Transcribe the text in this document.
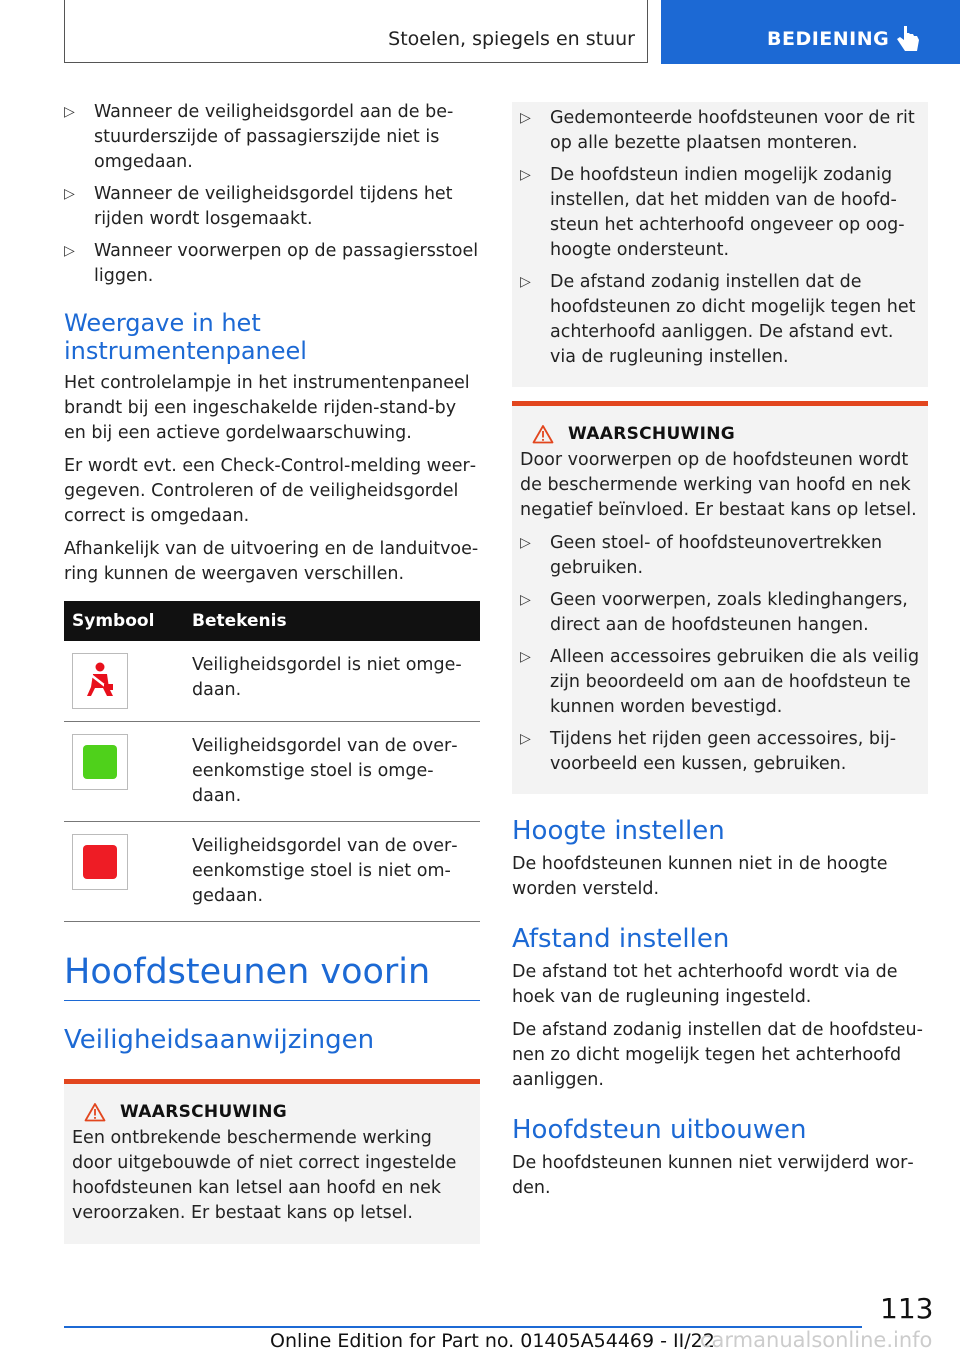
Stoelen, spiegels en stuur	BEDIENING
▷ Wanneer de veiligheidsgordel aan de bestuurderszijde of passagierszijde niet is omgedaan.
▷ Wanneer de veiligheidsgordel tijdens het rijden wordt losgemaakt.
▷ Wanneer voorwerpen op de passagiersstoel liggen.
Weergave in het instrumentenpaneel

Het controlelampje in het instrumentenpaneel brandt bij een ingeschakelde rijden-stand-by en bij een actieve gordelwaarschuwing.

Er wordt evt. een Check-Control-melding weergegeven. Controleren of de veiligheidsgordel correct is omgedaan.

Afhankelijk van de uitvoering en de landuitvoering kunnen de weergaven verschillen.

Symbool	Betekenis

	Veiligheidsgordel is niet omgedaan.

	Veiligheidsgordel van de overeenkomstige stoel is omgedaan.

	Veiligheidsgordel van de overeenkomstige stoel is niet omgedaan.
Hoofdsteunen voorin
Veiligheidsaanwijzingen
WAARSCHUWING

Een ontbrekende beschermende werking door uitgebouwde of niet correct ingestelde hoofdsteunen kan letsel aan hoofd en nek veroorzaken. Er bestaat kans op letsel.

▷ Gedemonteerde hoofdsteunen voor de rit op alle bezette plaatsen monteren.
▷ De hoofdsteun indien mogelijk zodanig instellen, dat het midden van de hoofdsteun het achterhoofd ongeveer op ooghoogte ondersteunt.
▷ De afstand zodanig instellen dat de hoofdsteunen zo dicht mogelijk tegen het achterhoofd aanliggen. De afstand evt. via de rugleuning instellen.
WAARSCHUWING

Door voorwerpen op de hoofdsteunen wordt de beschermende werking van hoofd en nek negatief beïnvloed. Er bestaat kans op letsel.

▷ Geen stoel- of hoofdsteunovertrekken gebruiken.
▷ Geen voorwerpen, zoals kledinghangers, direct aan de hoofdsteunen hangen.
▷ Alleen accessoires gebruiken die als veilig zijn beoordeeld om aan de hoofdsteun te kunnen worden bevestigd.
▷ Tijdens het rijden geen accessoires, bijvoorbeeld een kussen, gebruiken.
Hoogte instellen

De hoofdsteunen kunnen niet in de hoogte worden versteld.

Afstand instellen

De afstand tot het achterhoofd wordt via de hoek van de rugleuning ingesteld.

De afstand zodanig instellen dat de hoofdsteunen zo dicht mogelijk tegen het achterhoofd aanliggen.

Hoofdsteun uitbouwen

De hoofdsteunen kunnen niet verwijderd worden.

113
Online Edition for Part no. 01405A54469 - II/22
carmanualsonline.info
